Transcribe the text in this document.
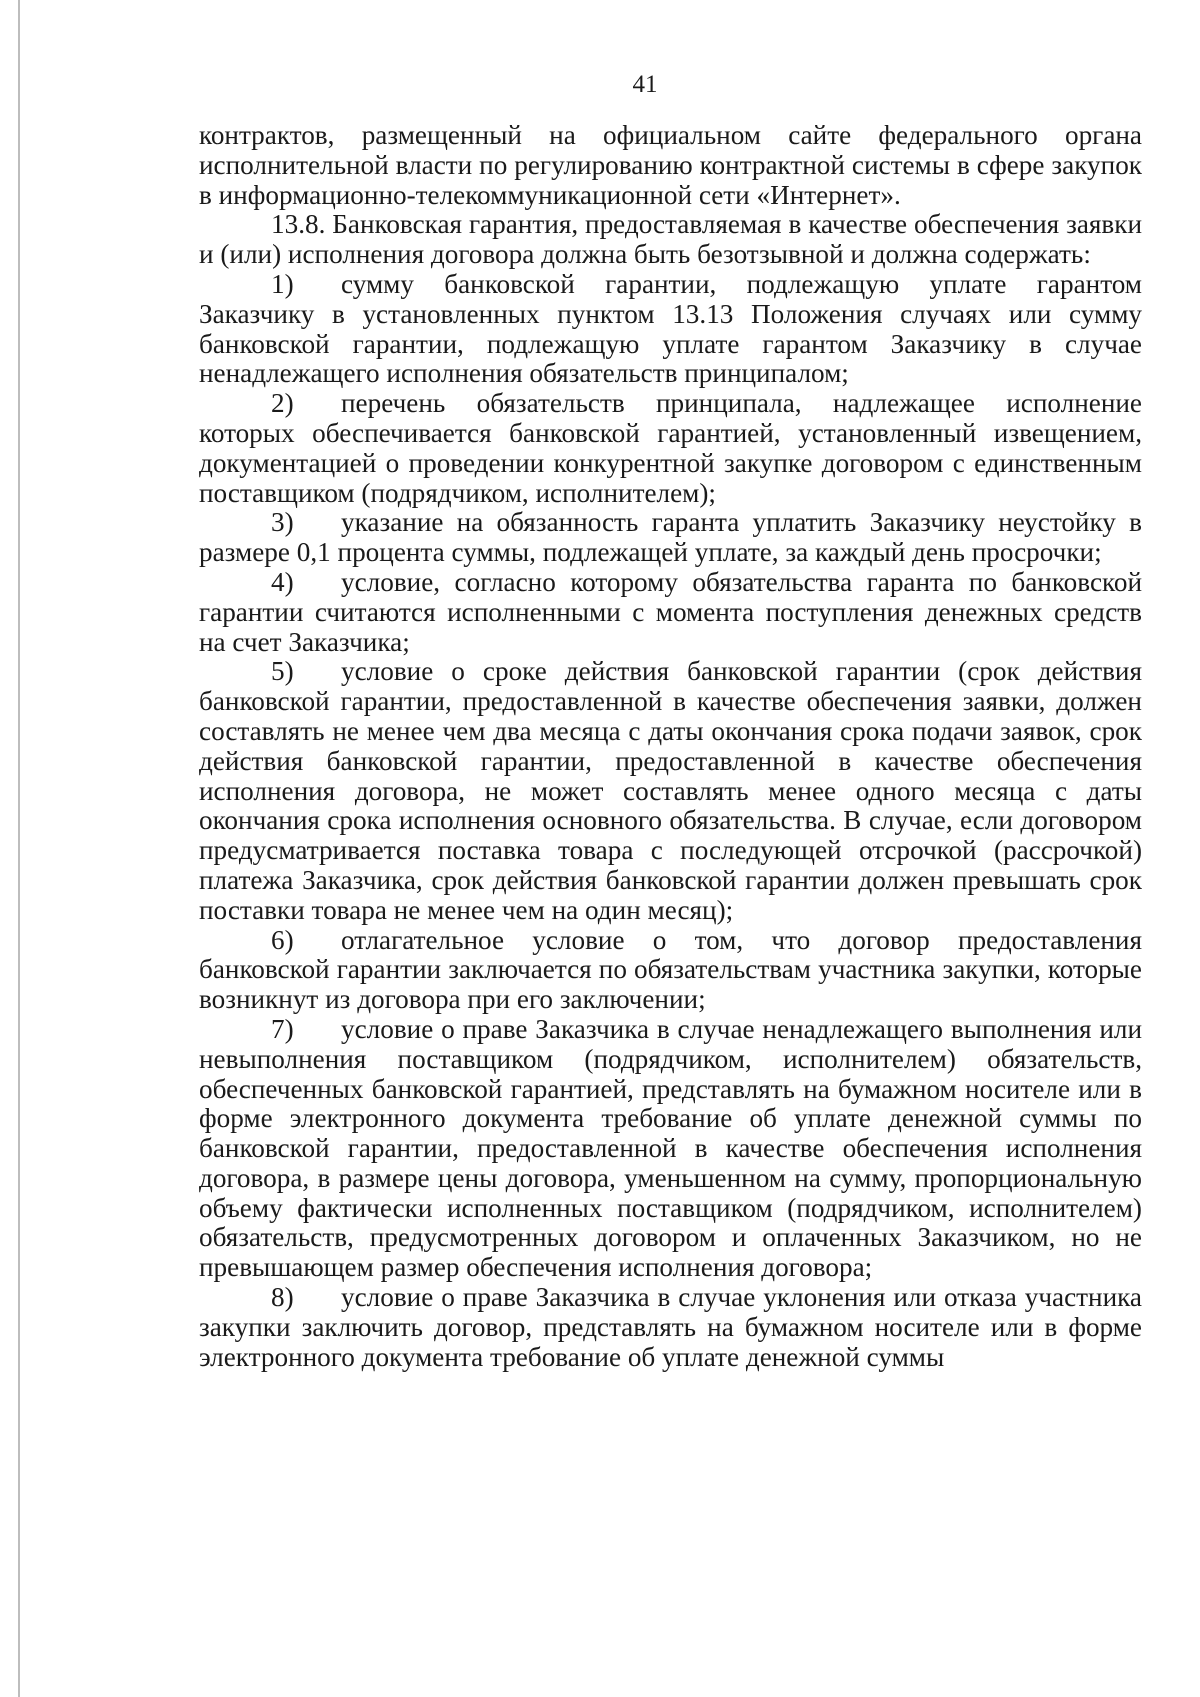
41

контрактов, размещенный на официальном сайте федерального органа исполнительной власти по регулированию контрактной системы в сфере закупок в информационно-телекоммуникационной сети «Интернет».

13.8. Банковская гарантия, предоставляемая в качестве обеспечения заявки и (или) исполнения договора должна быть безотзывной и должна содержать:

1) сумму банковской гарантии, подлежащую уплате гарантом Заказчику в установленных пунктом 13.13 Положения случаях или сумму банковской гарантии, подлежащую уплате гарантом Заказчику в случае ненадлежащего исполнения обязательств принципалом;

2) перечень обязательств принципала, надлежащее исполнение которых обеспечивается банковской гарантией, установленный извещением, документацией о проведении конкурентной закупке договором с единственным поставщиком (подрядчиком, исполнителем);

3) указание на обязанность гаранта уплатить Заказчику неустойку в размере 0,1 процента суммы, подлежащей уплате, за каждый день просрочки;

4) условие, согласно которому обязательства гаранта по банковской гарантии считаются исполненными с момента поступления денежных средств на счет Заказчика;

5) условие о сроке действия банковской гарантии (срок действия банковской гарантии, предоставленной в качестве обеспечения заявки, должен составлять не менее чем два месяца с даты окончания срока подачи заявок, срок действия банковской гарантии, предоставленной в качестве обеспечения исполнения договора, не может составлять менее одного месяца с даты окончания срока исполнения основного обязательства. В случае, если договором предусматривается поставка товара с последующей отсрочкой (рассрочкой) платежа Заказчика, срок действия банковской гарантии должен превышать срок поставки товара не менее чем на один месяц);

6) отлагательное условие о том, что договор предоставления банковской гарантии заключается по обязательствам участника закупки, которые возникнут из договора при его заключении;

7) условие о праве Заказчика в случае ненадлежащего выполнения или невыполнения поставщиком (подрядчиком, исполнителем) обязательств, обеспеченных банковской гарантией, представлять на бумажном носителе или в форме электронного документа требование об уплате денежной суммы по банковской гарантии, предоставленной в качестве обеспечения исполнения договора, в размере цены договора, уменьшенном на сумму, пропорциональную объему фактически исполненных поставщиком (подрядчиком, исполнителем) обязательств, предусмотренных договором и оплаченных Заказчиком, но не превышающем размер обеспечения исполнения договора;

8) условие о праве Заказчика в случае уклонения или отказа участника закупки заключить договор, представлять на бумажном носителе или в форме электронного документа требование об уплате денежной суммы
